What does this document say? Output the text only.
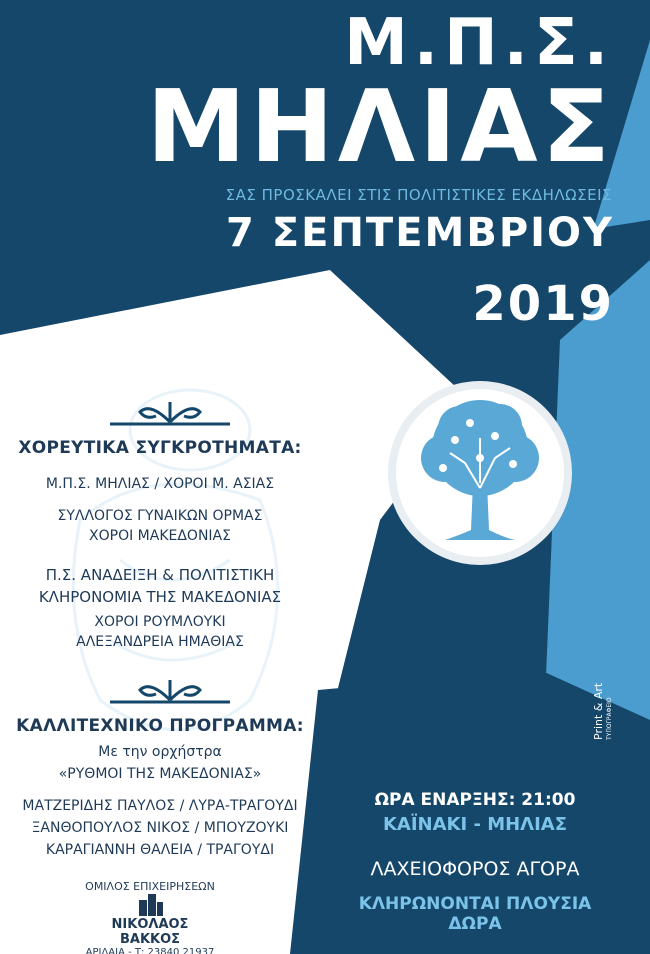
Μ.Π.Σ.
ΜΗΛΙΑΣ
ΣΑΣ ΠΡΟΣΚΑΛΕΙ ΣΤΙΣ ΠΟΛΙΤΙΣΤΙΚΕΣ ΕΚΔΗΛΩΣΕΙΣ
7 ΣΕΠΤΕΜΒΡΙΟΥ
2019
ΧΟΡΕΥΤΙΚΑ ΣΥΓΚΡΟΤΗΜΑΤΑ:
Μ.Π.Σ. ΜΗΛΙΑΣ / ΧΟΡΟΙ Μ. ΑΣΙΑΣ
ΣΥΛΛΟΓΟΣ ΓΥΝΑΙΚΩΝ ΟΡΜΑΣ
ΧΟΡΟΙ ΜΑΚΕΔΟΝΙΑΣ
Π.Σ. ΑΝΑΔΕΙΞΗ & ΠΟΛΙΤΙΣΤΙΚΗ
ΚΛΗΡΟΝΟΜΙΑ ΤΗΣ ΜΑΚΕΔΟΝΙΑΣ
ΧΟΡΟΙ ΡΟΥΜΛΟΥΚΙ
ΑΛΕΞΑΝΔΡΕΙΑ ΗΜΑΘΙΑΣ
ΚΑΛΛΙΤΕΧΝΙΚΟ ΠΡΟΓΡΑΜΜΑ:
Με την ορχήστρα
«ΡΥΘΜΟΙ ΤΗΣ ΜΑΚΕΔΟΝΙΑΣ»
ΜΑΤΖΕΡΙΔΗΣ ΠΑΥΛΟΣ / ΛΥΡΑ-ΤΡΑΓΟΥΔΙ
ΞΑΝΘΟΠΟΥΛΟΣ ΝΙΚΟΣ / ΜΠΟΥΖΟΥΚΙ
ΚΑΡΑΓΙΑΝΝΗ ΘΑΛΕΙΑ / ΤΡΑΓΟΥΔΙ
ΟΜΙΛΟΣ ΕΠΙΧΕΙΡΗΣΕΩΝ
ΝΙΚΟΛΑΟΣ ΒΑΚΚΟΣ
ΑΡΙΔΑΙΑ - Τ: 23840 21937
ΩΡΑ ΕΝΑΡΞΗΣ: 21:00
ΚΑΪΝΑΚΙ - ΜΗΛΙΑΣ
ΛΑΧΕΙΟΦΟΡΟΣ ΑΓΟΡΑ
ΚΛΗΡΩΝΟΝΤΑΙ ΠΛΟΥΣΙΑ ΔΩΡΑ
Print & Art ΤΥΠΟΓΡΑΦΕΙΟ
